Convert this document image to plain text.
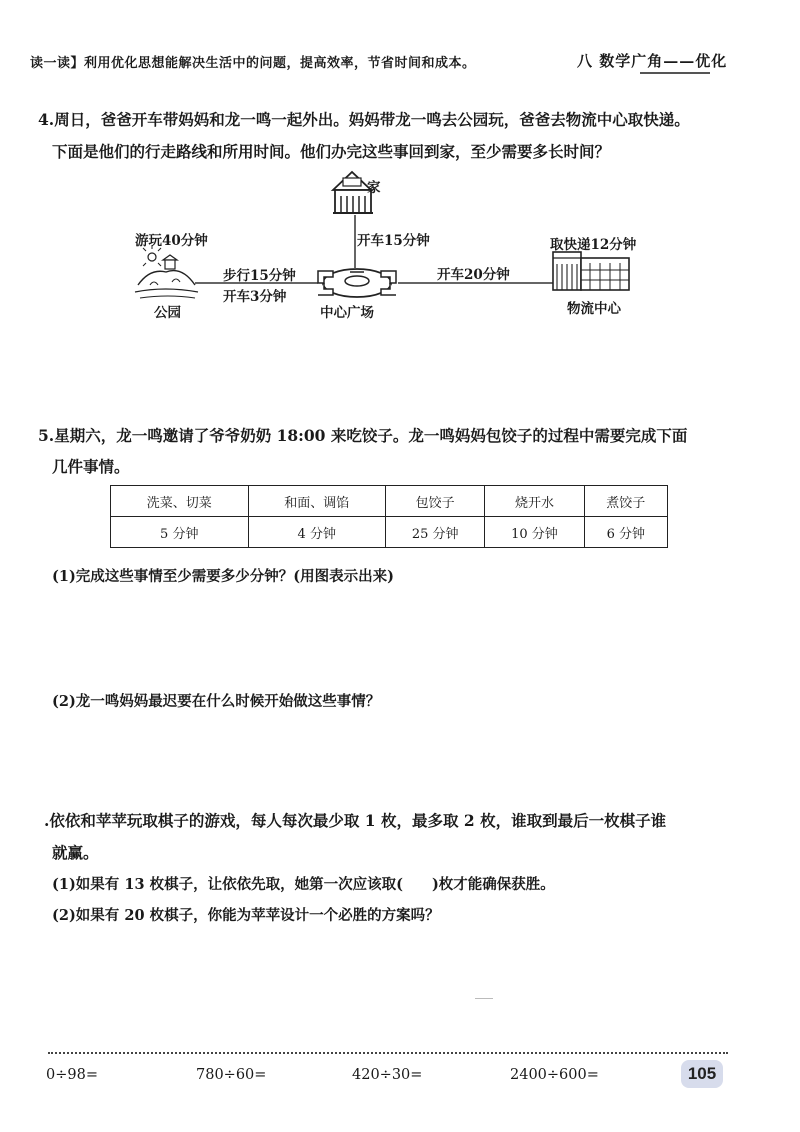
读一读】利用优化思想能解决生活中的问题，提高效率，节省时间和成本。	八 数学广角——优化
4.周日，爸爸开车带妈妈和龙一鸣一起外出。妈妈带龙一鸣去公园玩，爸爸去物流中心取快递。
下面是他们的行走路线和所用时间。他们办完这些事回到家，至少需要多长时间？
家
游玩40分钟
步行15分钟
开车3分钟
公园	中心广场
开车15分钟
开车20分钟
取快递12分钟
物流中心
5.星期六，龙一鸣邀请了爷爷奶奶 18:00 来吃饺子。龙一鸣妈妈包饺子的过程中需要完成下面
几件事情。
洗菜、切菜	和面、调馅	包饺子	烧开水	煮饺子
5 分钟	4 分钟	25 分钟	10 分钟	6 分钟
(1)完成这些事情至少需要多少分钟？(用图表示出来)
(2)龙一鸣妈妈最迟要在什么时候开始做这些事情？
.依依和苹苹玩取棋子的游戏，每人每次最少取 1 枚，最多取 2 枚，谁取到最后一枚棋子谁
就赢。
(1)如果有 13 枚棋子，让依依先取，她第一次应该取(　　)枚才能确保获胜。
(2)如果有 20 枚棋子，你能为苹苹设计一个必胜的方案吗？
0÷98=	780÷60=	420÷30=	2400÷600=	105
